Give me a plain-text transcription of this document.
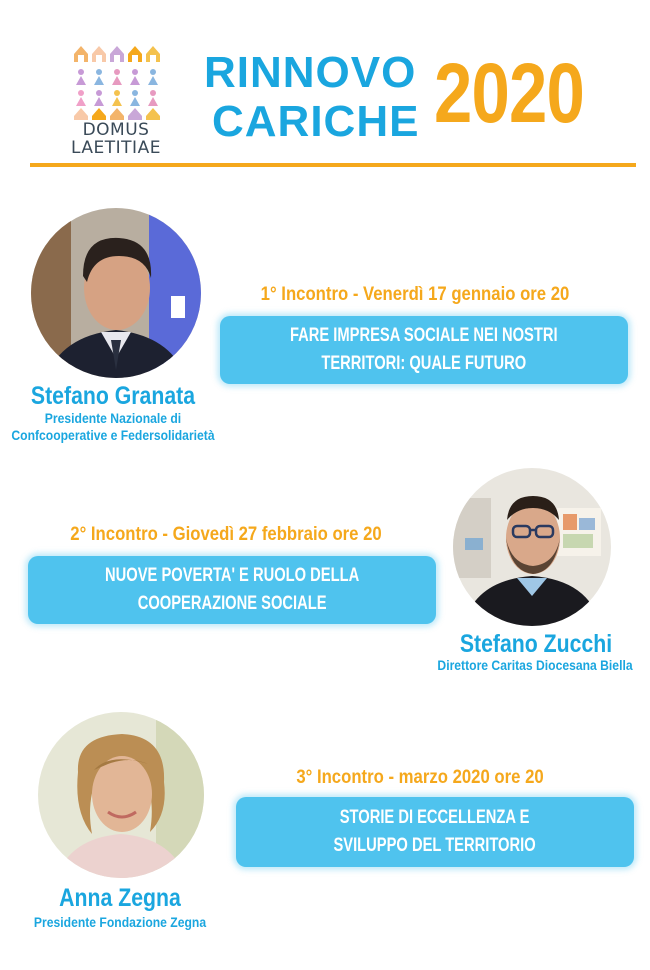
DOMUS
LAETITIAE
RINNOVO
CARICHE 2020
Stefano Granata
Presidente Nazionale di
Confcooperative e Federsolidarietà
1° Incontro - Venerdì 17 gennaio ore 20
FARE IMPRESA SOCIALE NEI NOSTRI
TERRITORI: QUALE FUTURO
2° Incontro - Giovedì 27 febbraio ore 20
NUOVE POVERTA' E RUOLO DELLA
COOPERAZIONE SOCIALE
Stefano Zucchi
Direttore Caritas Diocesana Biella
3° Incontro - marzo 2020 ore 20
STORIE DI ECCELLENZA E
SVILUPPO DEL TERRITORIO
Anna Zegna
Presidente Fondazione Zegna
